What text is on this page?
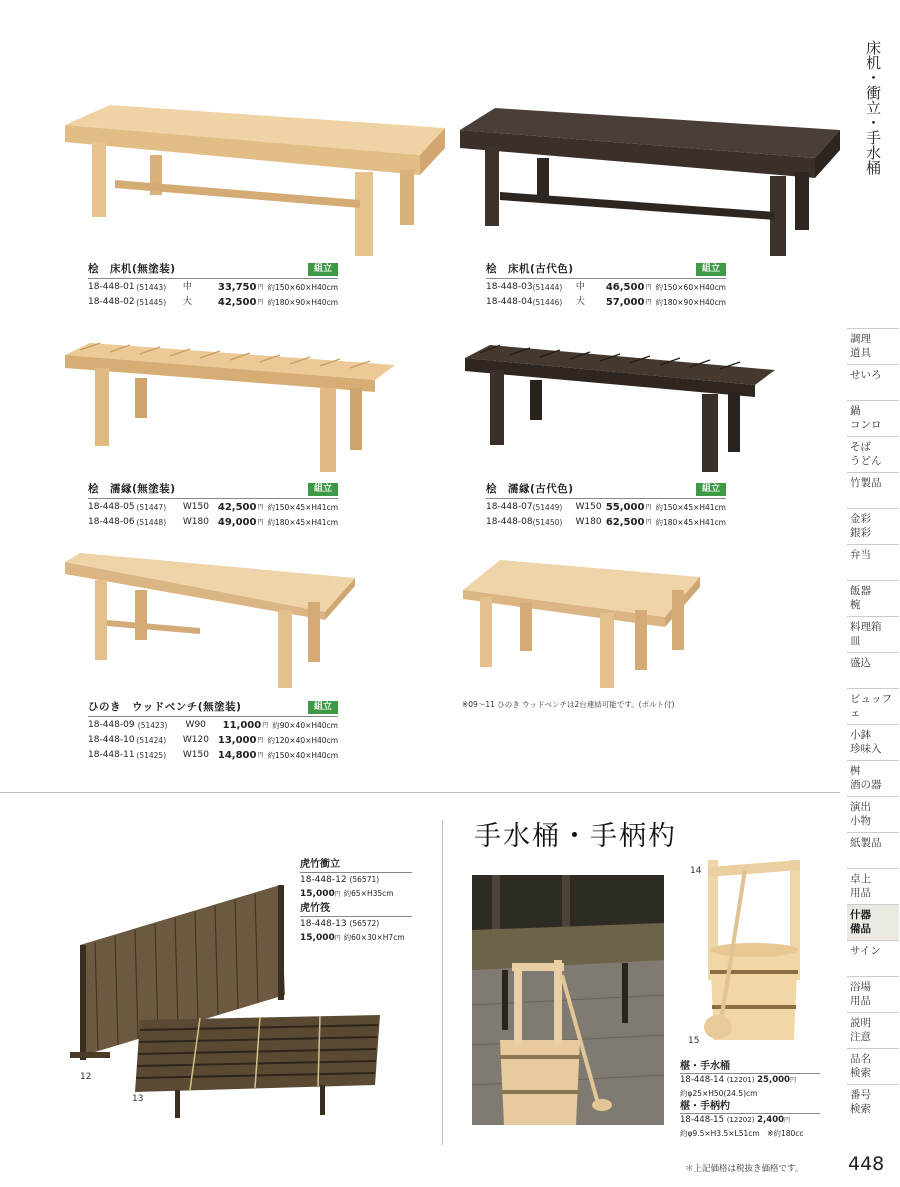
桧　床机(無塗装)	組立
18-448-01 (51443)	中	33,750 円 約150×60×H40cm
18-448-02 (51445)	大	42,500 円 約180×90×H40cm
桧　床机(古代色)	組立
18-448-03 (51444)	中	46,500 円 約150×60×H40cm
18-448-04 (51446)	大	57,000 円 約180×90×H40cm
桧　濡縁(無塗装)	組立
18-448-05 (51447)	W150 42,500 円 約150×45×H41cm
18-448-06 (51448)	W180 49,000 円 約180×45×H41cm
桧　濡縁(古代色)	組立
18-448-07 (51449)	W150 55,000 円 約150×45×H41cm
18-448-08 (51450)	W180 62,500 円 約180×45×H41cm
ひのき　ウッドベンチ(無塗装)	組立
18-448-09 (51423)	W90	11,000 円 約90×40×H40cm
18-448-10 (51424)	W120 13,000 円 約120×40×H40cm
18-448-11 (51425)	W150 14,800 円 約150×40×H40cm
※09～11 ひのき ウッドベンチは2台連結可能です。(ボルト付)
虎竹衝立
18-448-12 (56571)
15,000円 約65×H35cm
虎竹筏
18-448-13 (56572)
15,000円 約60×30×H7cm
12
13
手水桶・手柄杓
14
15
椹・手水桶
18-448-14 (12201) 25,000円
約φ25×H50(24.5)cm
椹・手柄杓
18-448-15 (12202) 2,400円
約φ9.5×H3.5×L51cm　※約180cc
＊上記価格は税抜き価格です。
床机・衝立・手水桶
調理
道具
せいろ
鍋
コンロ
そば
うどん
竹製品
金彩
銀彩
弁当
飯器
椀
料理箱
皿
盛込
ビュッフェ
小鉢
珍味入
桝
酒の器
演出
小物
紙製品
卓上
用品
什器
備品
サイン
浴場
用品
説明
注意
品名
検索
番号
検索
448
